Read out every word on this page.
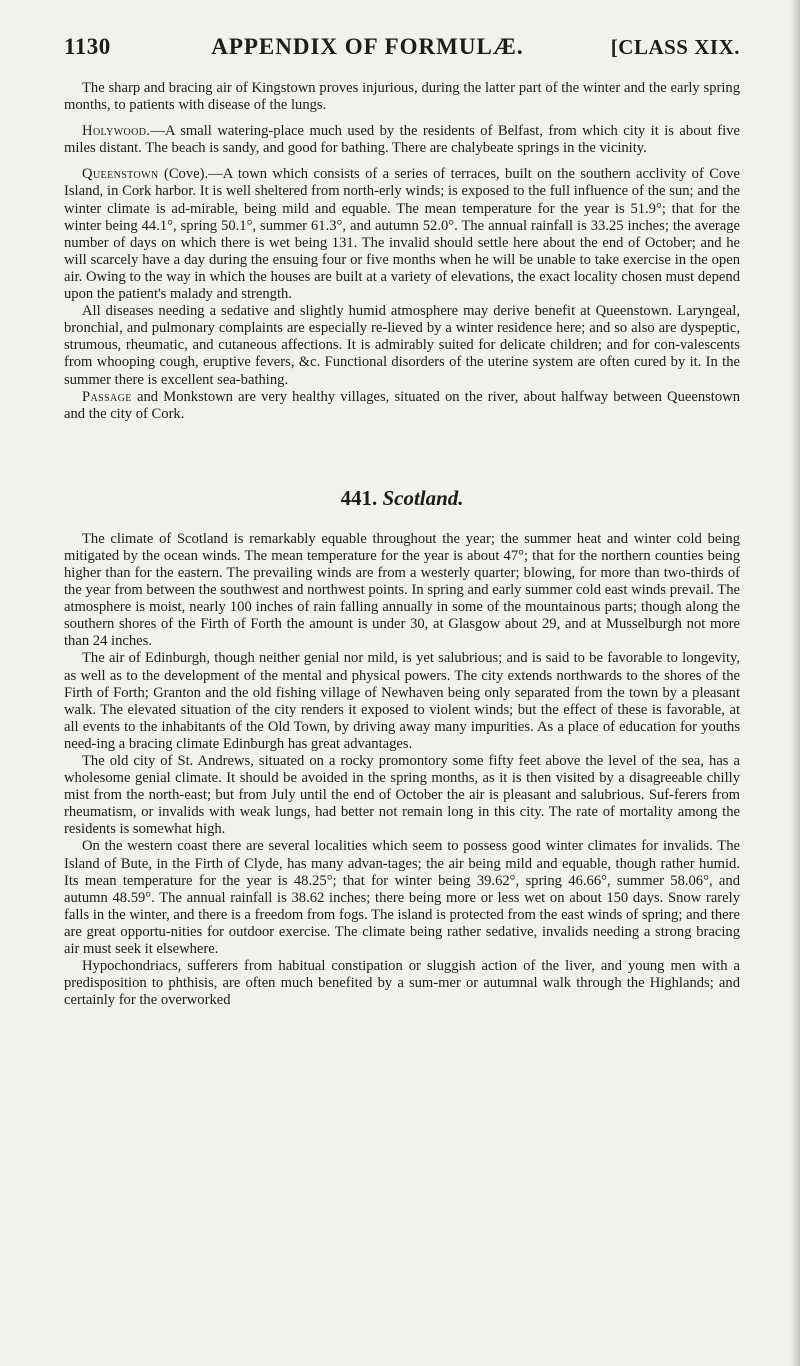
1130	APPENDIX OF FORMULÆ.	[CLASS XIX.

The sharp and bracing air of Kingstown proves injurious, during the latter part of the winter and the early spring months, to patients with disease of the lungs.

Holywood.—A small watering-place much used by the residents of Belfast, from which city it is about five miles distant. The beach is sandy, and good for bathing. There are chalybeate springs in the vicinity.

Queenstown (Cove).—A town which consists of a series of terraces, built on the southern acclivity of Cove Island, in Cork harbor. It is well sheltered from north-erly winds; is exposed to the full influence of the sun; and the winter climate is ad-mirable, being mild and equable. The mean temperature for the year is 51.9°; that for the winter being 44.1°, spring 50.1°, summer 61.3°, and autumn 52.0°. The annual rainfall is 33.25 inches; the average number of days on which there is wet being 131. The invalid should settle here about the end of October; and he will scarcely have a day during the ensuing four or five months when he will be unable to take exercise in the open air. Owing to the way in which the houses are built at a variety of elevations, the exact locality chosen must depend upon the patient's malady and strength.

All diseases needing a sedative and slightly humid atmosphere may derive benefit at Queenstown. Laryngeal, bronchial, and pulmonary complaints are especially re-lieved by a winter residence here; and so also are dyspeptic, strumous, rheumatic, and cutaneous affections. It is admirably suited for delicate children; and for con-valescents from whooping cough, eruptive fevers, &c. Functional disorders of the uterine system are often cured by it. In the summer there is excellent sea-bathing.

Passage and Monkstown are very healthy villages, situated on the river, about halfway between Queenstown and the city of Cork.

441. Scotland.

The climate of Scotland is remarkably equable throughout the year; the summer heat and winter cold being mitigated by the ocean winds. The mean temperature for the year is about 47°; that for the northern counties being higher than for the eastern. The prevailing winds are from a westerly quarter; blowing, for more than two-thirds of the year from between the southwest and northwest points. In spring and early summer cold east winds prevail. The atmosphere is moist, nearly 100 inches of rain falling annually in some of the mountainous parts; though along the southern shores of the Firth of Forth the amount is under 30, at Glasgow about 29, and at Musselburgh not more than 24 inches.

The air of Edinburgh, though neither genial nor mild, is yet salubrious; and is said to be favorable to longevity, as well as to the development of the mental and physical powers. The city extends northwards to the shores of the Firth of Forth; Granton and the old fishing village of Newhaven being only separated from the town by a pleasant walk. The elevated situation of the city renders it exposed to violent winds; but the effect of these is favorable, at all events to the inhabitants of the Old Town, by driving away many impurities. As a place of education for youths need-ing a bracing climate Edinburgh has great advantages.

The old city of St. Andrews, situated on a rocky promontory some fifty feet above the level of the sea, has a wholesome genial climate. It should be avoided in the spring months, as it is then visited by a disagreeable chilly mist from the north-east; but from July until the end of October the air is pleasant and salubrious. Suf-ferers from rheumatism, or invalids with weak lungs, had better not remain long in this city. The rate of mortality among the residents is somewhat high.

On the western coast there are several localities which seem to possess good winter climates for invalids. The Island of Bute, in the Firth of Clyde, has many advan-tages; the air being mild and equable, though rather humid. Its mean temperature for the year is 48.25°; that for winter being 39.62°, spring 46.66°, summer 58.06°, and autumn 48.59°. The annual rainfall is 38.62 inches; there being more or less wet on about 150 days. Snow rarely falls in the winter, and there is a freedom from fogs. The island is protected from the east winds of spring; and there are great opportu-nities for outdoor exercise. The climate being rather sedative, invalids needing a strong bracing air must seek it elsewhere.

Hypochondriacs, sufferers from habitual constipation or sluggish action of the liver, and young men with a predisposition to phthisis, are often much benefited by a sum-mer or autumnal walk through the Highlands; and certainly for the overworked
